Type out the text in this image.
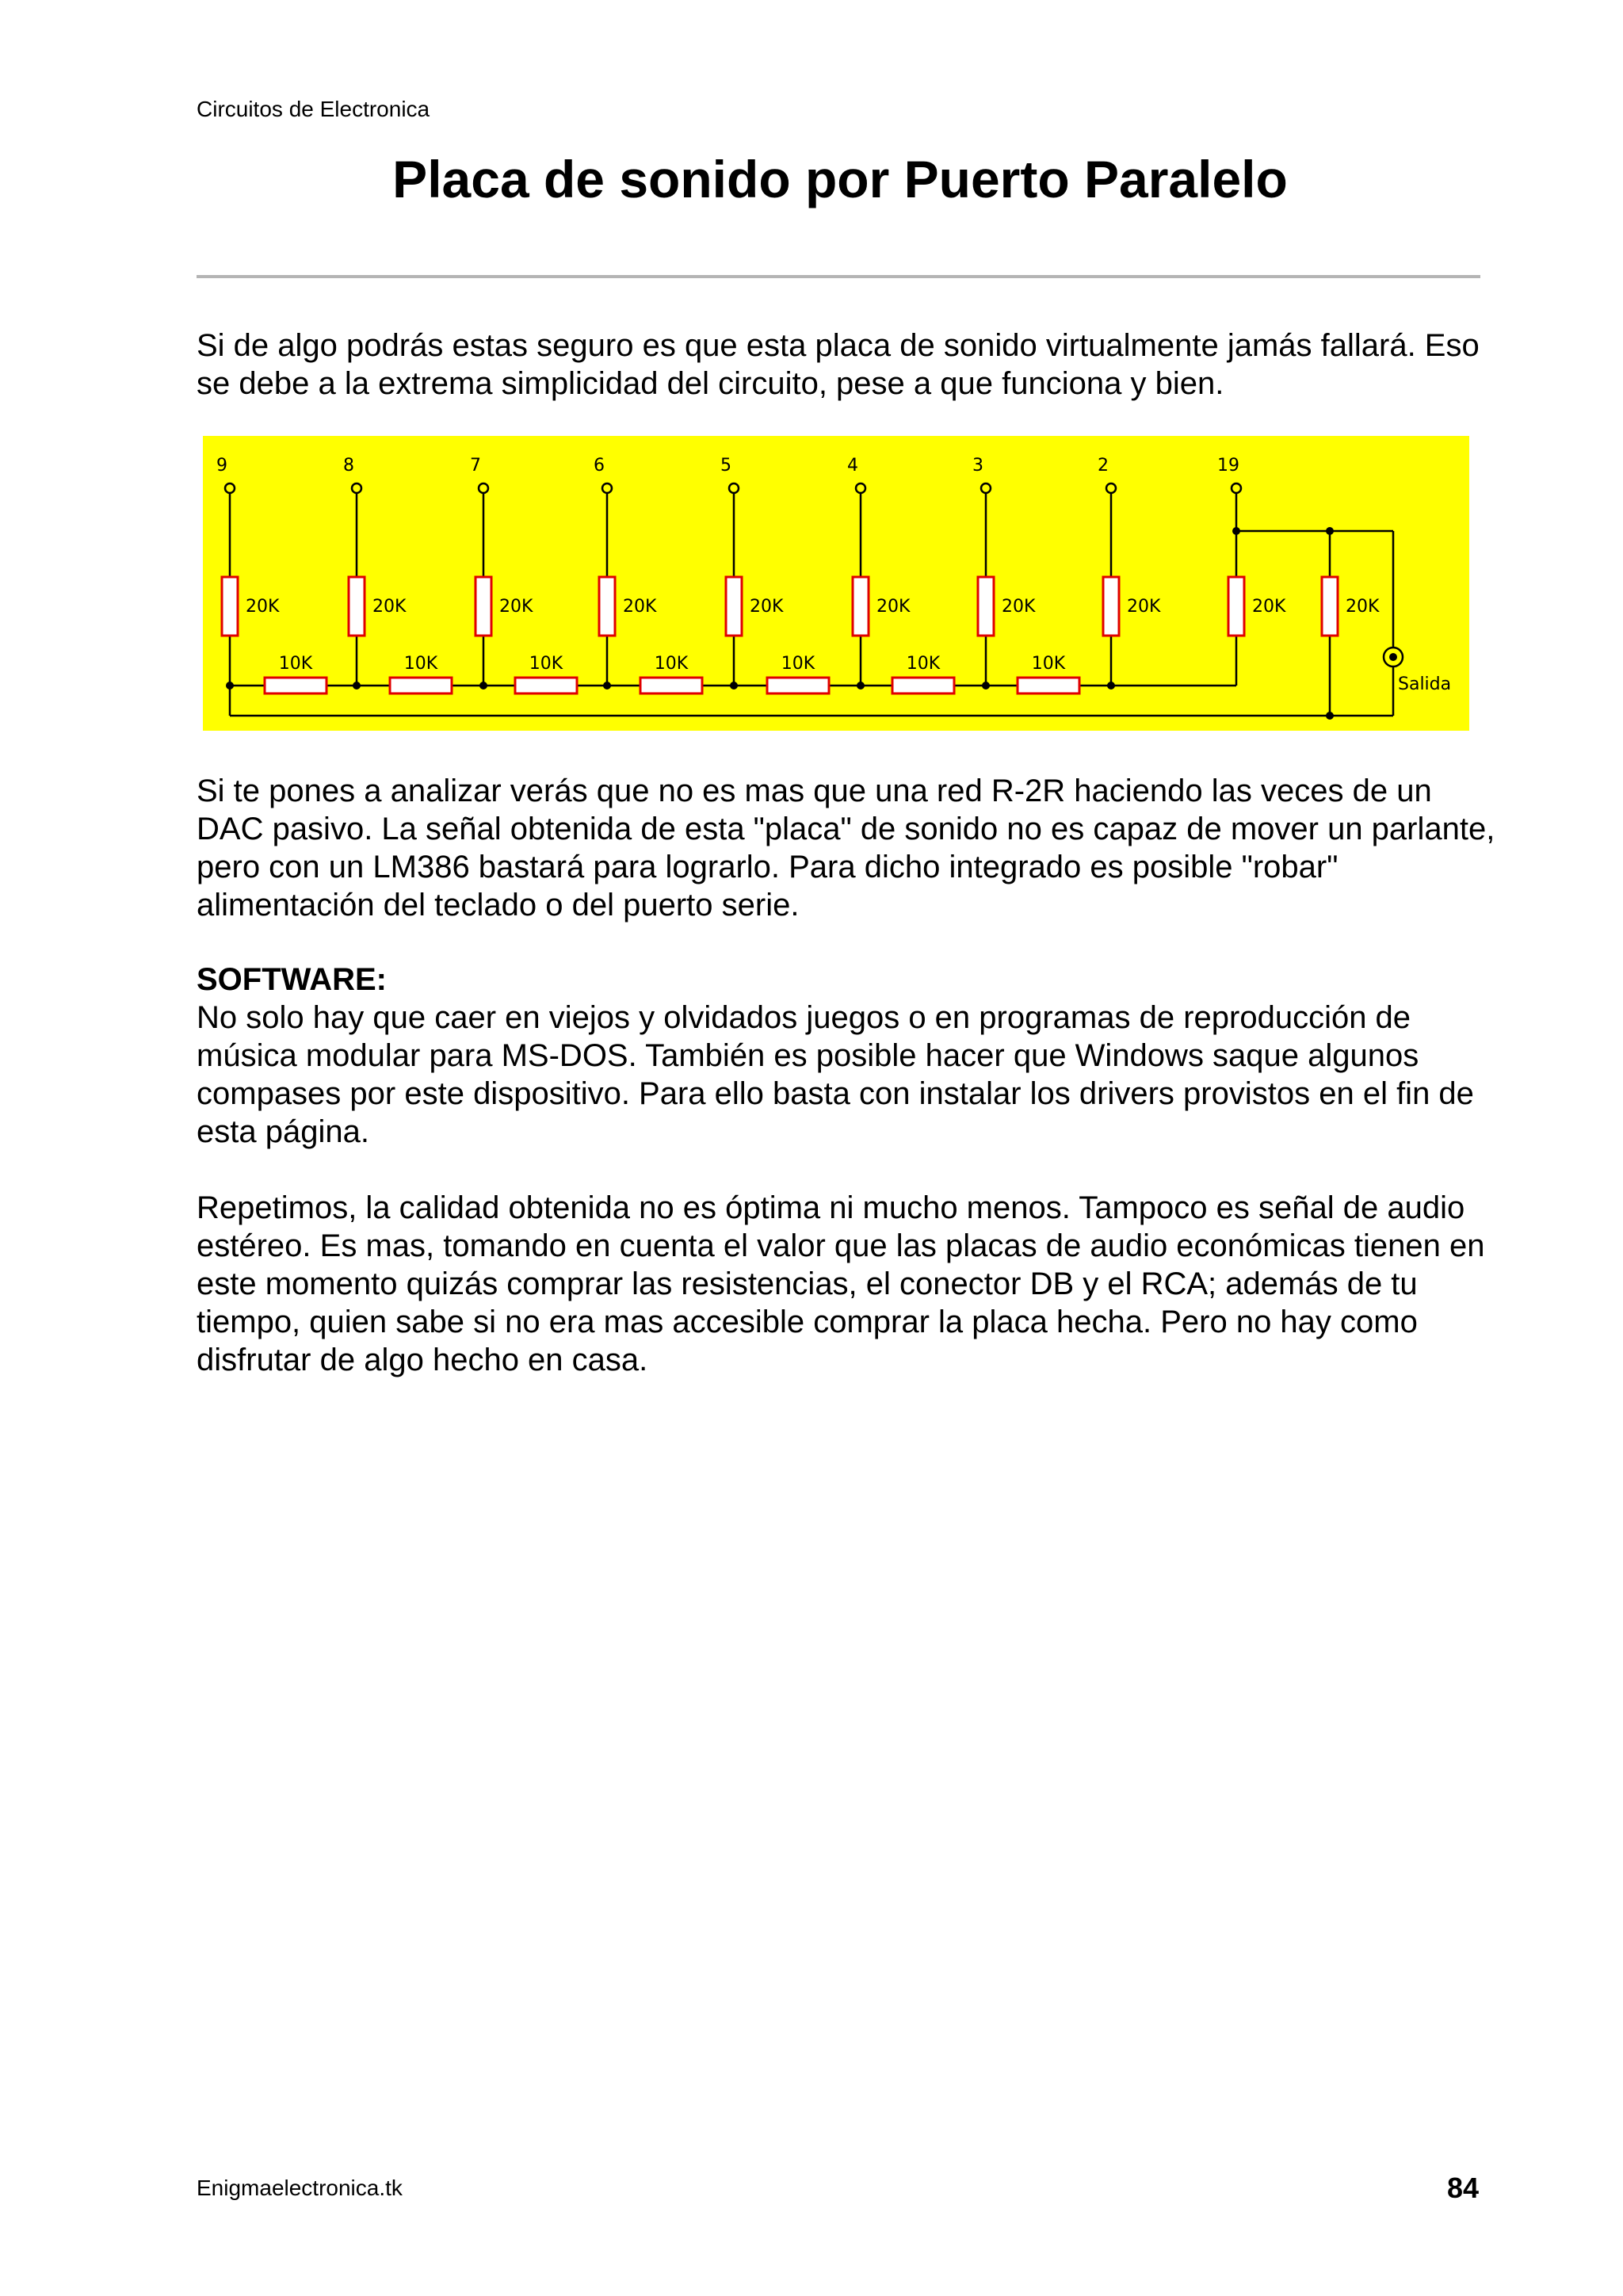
Circuitos de Electronica
Placa de sonido por Puerto Paralelo

Si de algo podrás estas seguro es que esta placa de sonido virtualmente jamás fallará. Eso se debe a la extrema simplicidad del circuito, pese a que funciona y bien.

9	8	7	6	5	4	3	2	19
20K	20K	20K	20K	20K	20K	20K	20K	20K	20K
10K	10K	10K	10K	10K	10K	10K
Salida

Si te pones a analizar verás que no es mas que una red R-2R haciendo las veces de un DAC pasivo. La señal obtenida de esta "placa" de sonido no es capaz de mover un parlante, pero con un LM386 bastará para lograrlo. Para dicho integrado es posible "robar" alimentación del teclado o del puerto serie.

SOFTWARE:
No solo hay que caer en viejos y olvidados juegos o en programas de reproducción de música modular para MS-DOS. También es posible hacer que Windows saque algunos compases por este dispositivo. Para ello basta con instalar los drivers provistos en el fin de esta página.

Repetimos, la calidad obtenida no es óptima ni mucho menos. Tampoco es señal de audio estéreo. Es mas, tomando en cuenta el valor que las placas de audio económicas tienen en este momento quizás comprar las resistencias, el conector DB y el RCA; además de tu tiempo, quien sabe si no era mas accesible comprar la placa hecha. Pero no hay como disfrutar de algo hecho en casa.

Enigmaelectronica.tk	84
